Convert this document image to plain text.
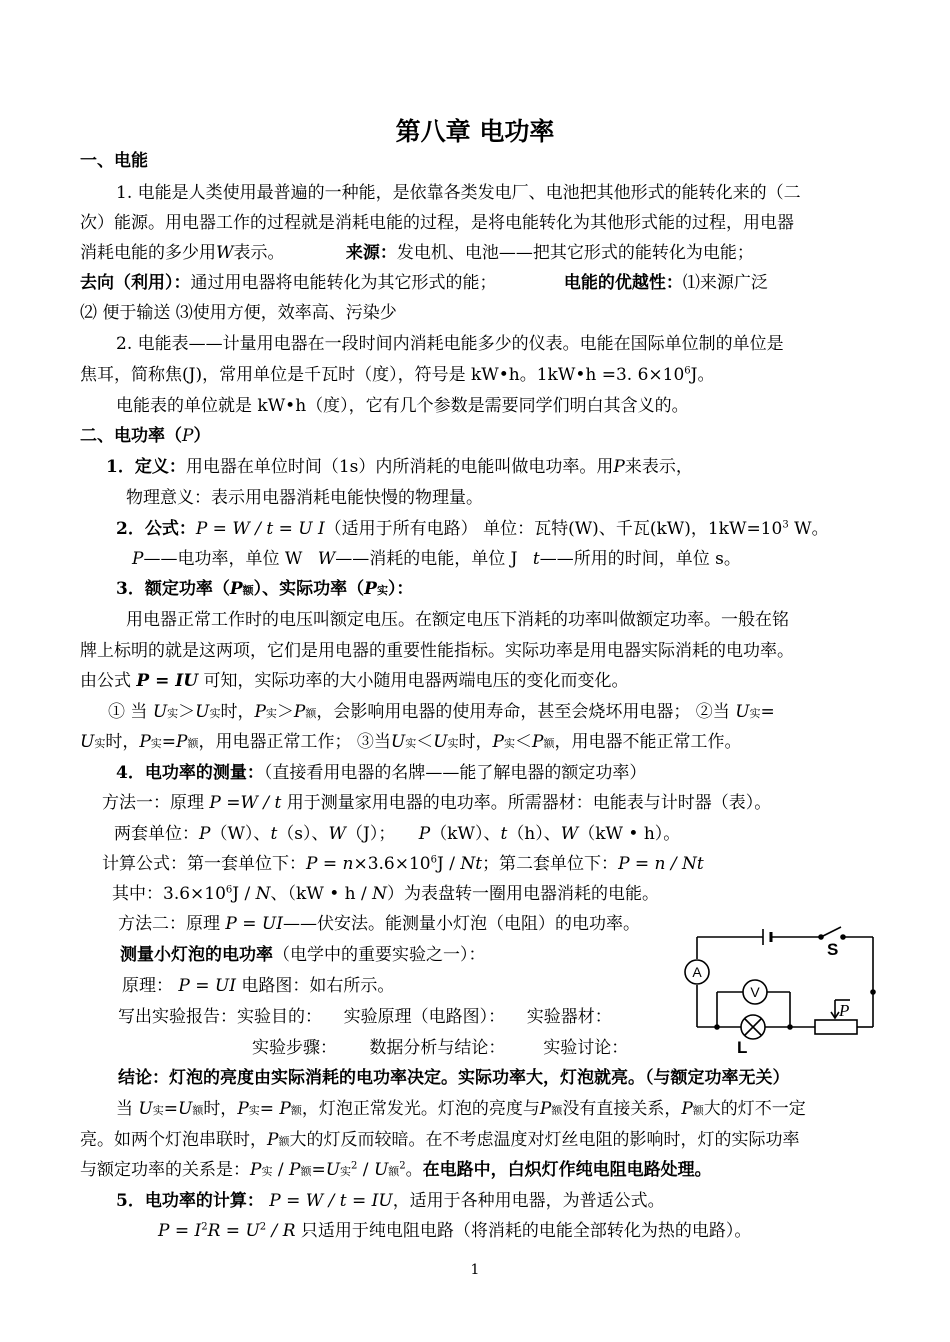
第八章 电功率
一、电能
1. 电能是人类使用最普遍的一种能，是依靠各类发电厂、电池把其他形式的能转化来的（二
次）能源。用电器工作的过程就是消耗电能的过程，是将电能转化为其他形式能的过程，用电器
消耗电能的多少用W表示。	来源：发电机、电池——把其它形式的能转化为电能；
去向（利用）：通过用电器将电能转化为其它形式的能；	电能的优越性：⑴来源广泛
⑵ 便于输送 ⑶使用方便，效率高、污染少
2. 电能表——计量用电器在一段时间内消耗电能多少的仪表。电能在国际单位制的单位是
焦耳，简称焦(J)，常用单位是千瓦时（度），符号是 kW•h。1kW•h =3. $6\times 10^6J$。
电能表的单位就是 kW•h（度），它有几个参数是需要同学们明白其含义的。
二、电功率（P）
1．定义：用电器在单位时间（1s）内所消耗的电能叫做电功率。用P来表示，
物理意义：表示用电器消耗电能快慢的物理量。
2．公式：P = W / t = U I（适用于所有电路） 单位：瓦特(W)、千瓦(kW)，$1kW=10^3$ W。
P——电功率，单位 W W——消耗的电能，单位 J t——所用的时间，单位 s。
3．额定功率（P额）、实际功率（P实）：
用电器正常工作时的电压叫额定电压。在额定电压下消耗的功率叫做额定功率。一般在铭
牌上标明的就是这两项，它们是用电器的重要性能指标。实际功率是用电器实际消耗的电功率。
由公式 P = IU 可知，实际功率的大小随用电器两端电压的变化而变化。
① 当 U实＞U实时，P实＞P额，会影响用电器的使用寿命，甚至会烧坏用电器； ②当 U实=
U实时，P实=P额，用电器正常工作； ③当U实＜U实时，P实＜P额，用电器不能正常工作。
4．电功率的测量：（直接看用电器的名牌——能了解电器的额定功率）
方法一：原理 P =W / t 用于测量家用电器的电功率。所需器材：电能表与计时器（表）。
两套单位：P（W）、t（s）、W（J）； P（kW）、t（h）、W（kW • h）。
计算公式：第一套单位下：$P = n\times 3.6\times 10^6J / Nt$；第二套单位下：P = n / Nt
其中：$3.6\times 10^6J / N$、（kW • h / N）为表盘转一圈用电器消耗的电能。
方法二：原理 P = UI——伏安法。能测量小灯泡（电阻）的电功率。
测量小灯泡的电功率（电学中的重要实验之一）：
原理： P = UI 电路图：如右所示。
写出实验报告：实验目的：    实验原理（电路图）：    实验器材：
实验步骤：      数据分析与结论：       实验讨论：
结论：灯泡的亮度由实际消耗的电功率决定。实际功率大，灯泡就亮。（与额定功率无关）
当 U实=U额时，P实= P额，灯泡正常发光。灯泡的亮度与P额没有直接关系，P额大的灯不一定
亮。如两个灯泡串联时，P额大的灯反而较暗。在不考虑温度对灯丝电阻的影响时，灯的实际功率
与额定功率的关系是：P实 / P额=U实$^2$ / U额$^2$。在电路中，白炽灯作纯电阻电路处理。
5．电功率的计算： P = W / t = IU，适用于各种用电器，为普适公式。
$P = I^2R = U^2 / R$ 只适用于纯电阻电路（将消耗的电能全部转化为热的电路）。
A
V
S
P
L
1
